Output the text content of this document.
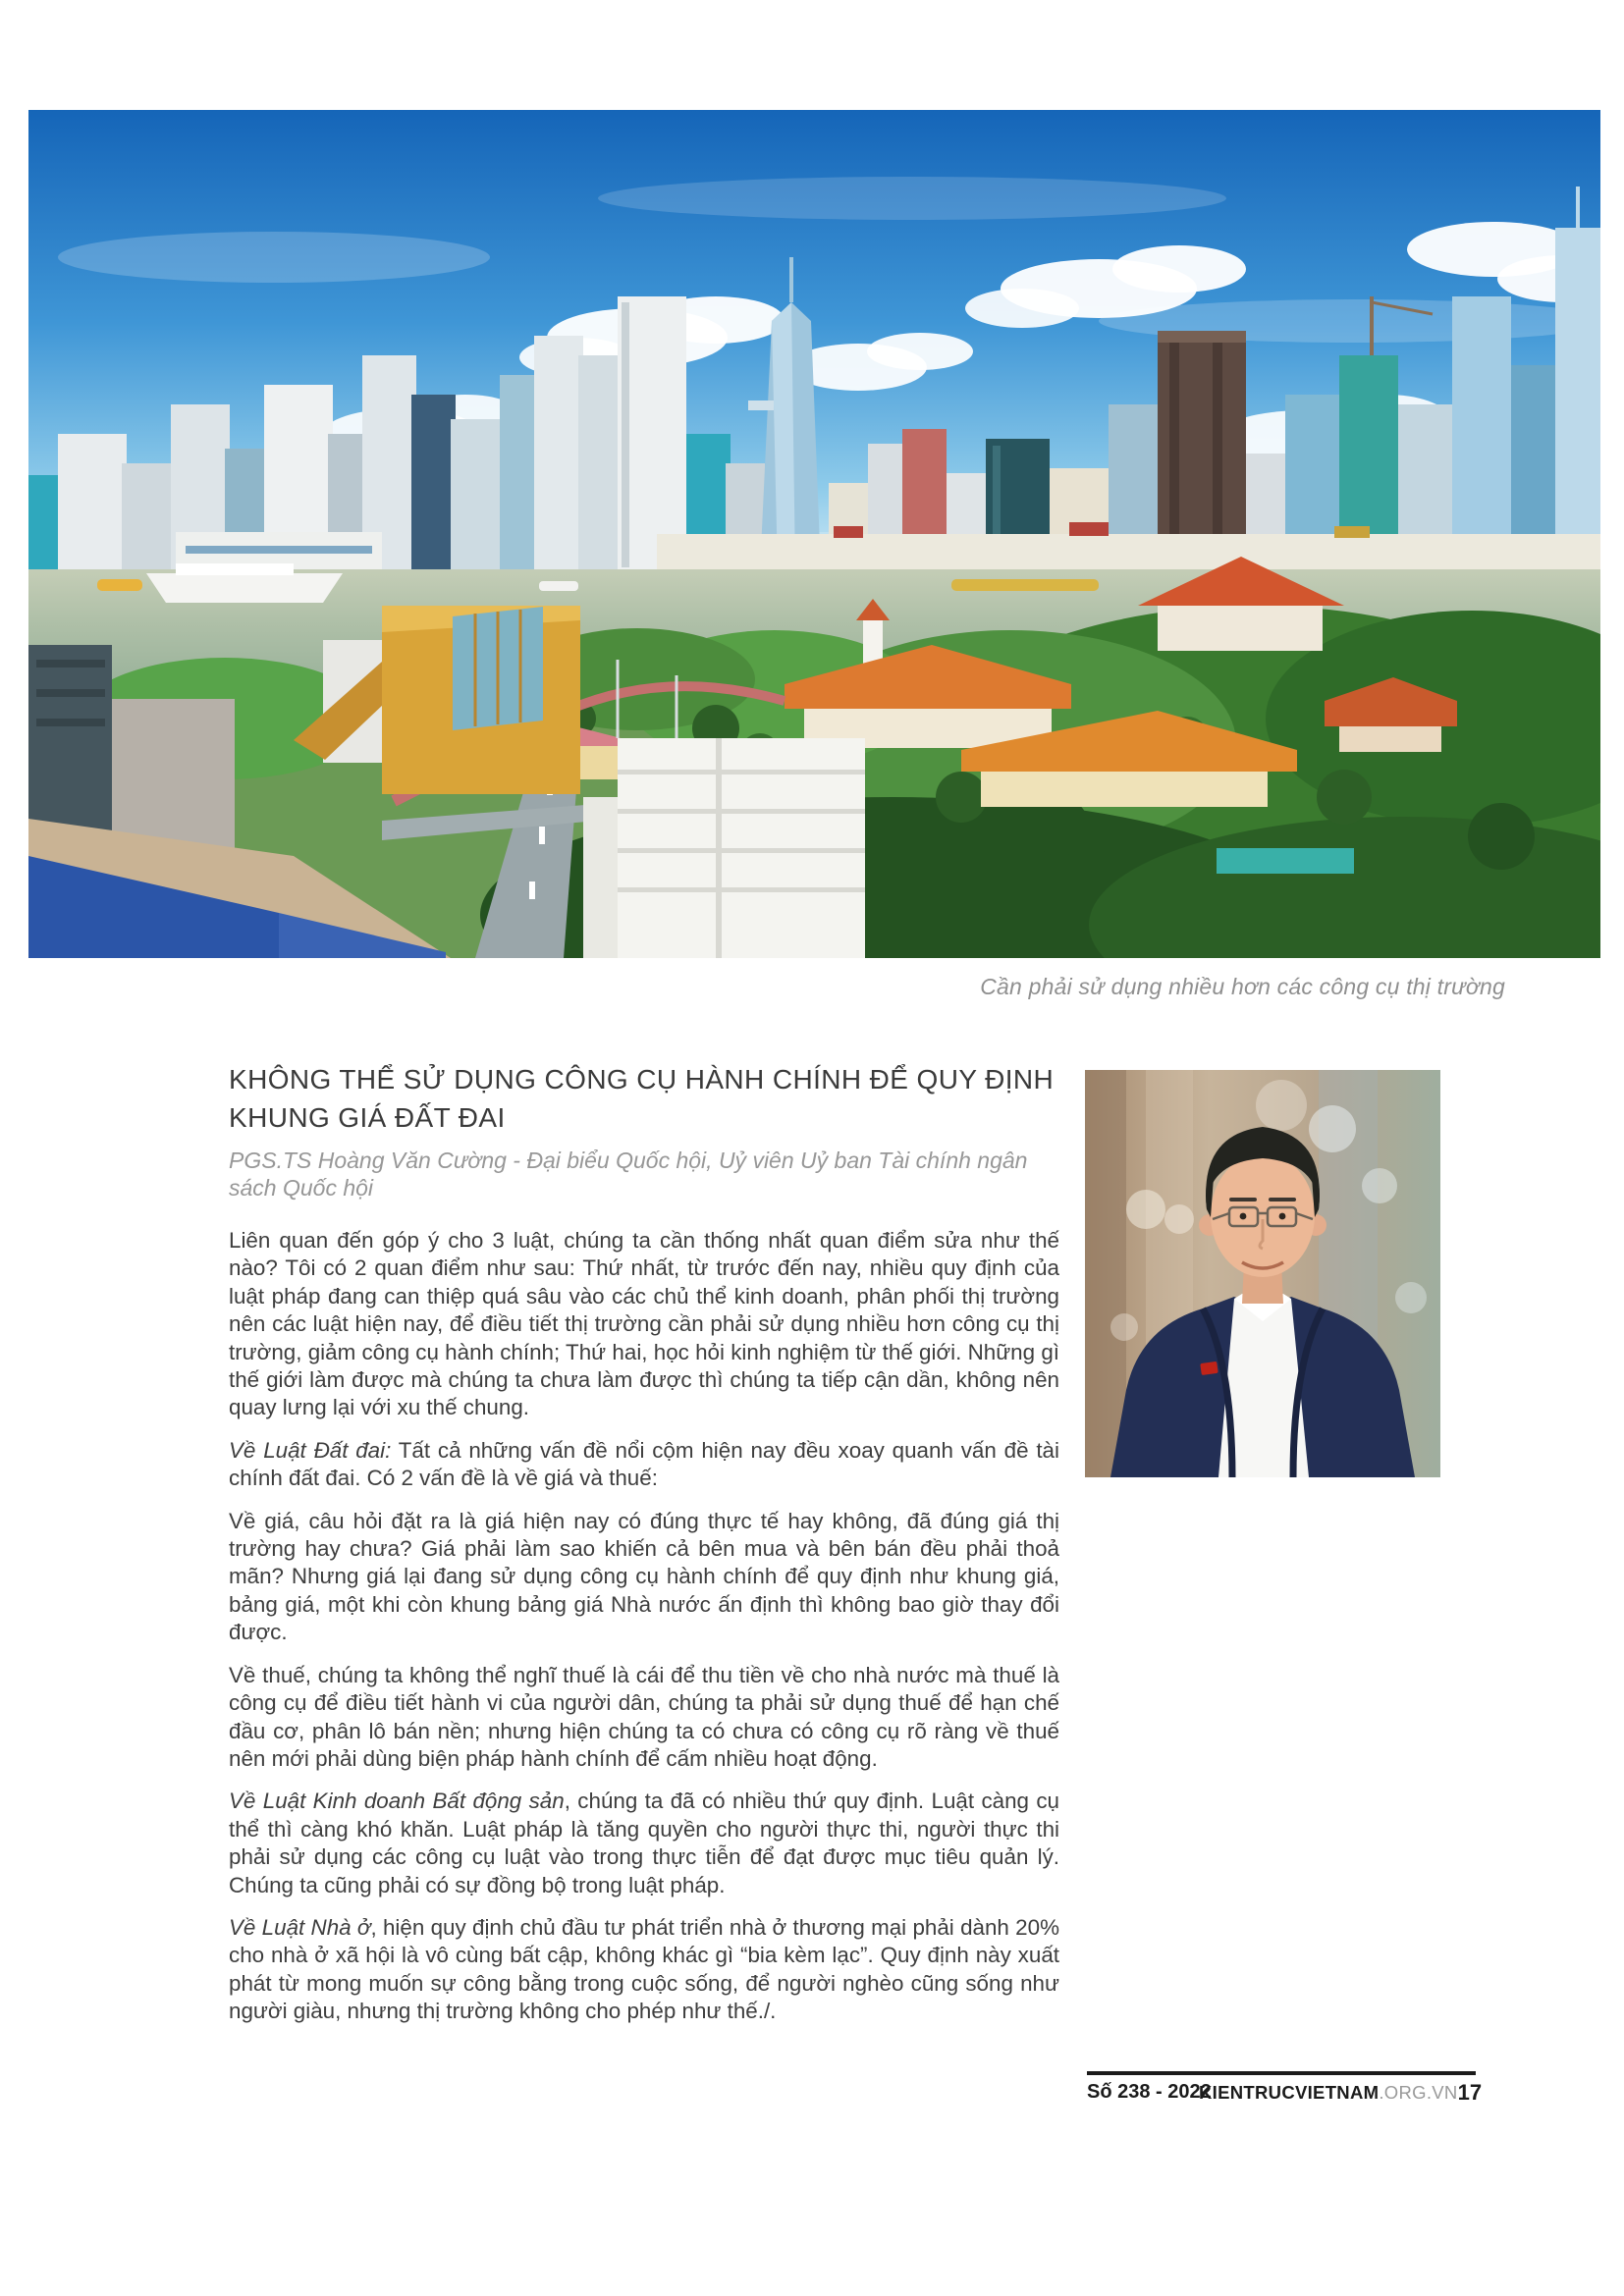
Cần phải sử dụng nhiều hơn các công cụ thị trường
KHÔNG THỂ SỬ DỤNG CÔNG CỤ HÀNH CHÍNH ĐỂ QUY ĐỊNH KHUNG GIÁ ĐẤT ĐAI
PGS.TS Hoàng Văn Cường - Đại biểu Quốc hội, Uỷ viên Uỷ ban Tài chính ngân sách Quốc hội

Liên quan đến góp ý cho 3 luật, chúng ta cần thống nhất quan điểm sửa như thế nào? Tôi có 2 quan điểm như sau: Thứ nhất, từ trước đến nay, nhiều quy định của luật pháp đang can thiệp quá sâu vào các chủ thể kinh doanh, phân phối thị trường nên các luật hiện nay, để điều tiết thị trường cần phải sử dụng nhiều hơn công cụ thị trường, giảm công cụ hành chính; Thứ hai, học hỏi kinh nghiệm từ thế giới. Những gì thế giới làm được mà chúng ta chưa làm được thì chúng ta tiếp cận dần, không nên quay lưng lại với xu thế chung.

Về Luật Đất đai: Tất cả những vấn đề nổi cộm hiện nay đều xoay quanh vấn đề tài chính đất đai. Có 2 vấn đề là về giá và thuế:

Về giá, câu hỏi đặt ra là giá hiện nay có đúng thực tế hay không, đã đúng giá thị trường hay chưa? Giá phải làm sao khiến cả bên mua và bên bán đều phải thoả mãn? Nhưng giá lại đang sử dụng công cụ hành chính để quy định như khung giá, bảng giá, một khi còn khung bảng giá Nhà nước ấn định thì không bao giờ thay đổi được.

Về thuế, chúng ta không thể nghĩ thuế là cái để thu tiền về cho nhà nước mà thuế là công cụ để điều tiết hành vi của người dân, chúng ta phải sử dụng thuế để hạn chế đầu cơ, phân lô bán nền; nhưng hiện chúng ta có chưa có công cụ rõ ràng về thuế nên mới phải dùng biện pháp hành chính để cấm nhiều hoạt động.

Về Luật Kinh doanh Bất động sản, chúng ta đã có nhiều thứ quy định. Luật càng cụ thể thì càng khó khăn. Luật pháp là tăng quyền cho người thực thi, người thực thi phải sử dụng các công cụ luật vào trong thực tiễn để đạt được mục tiêu quản lý. Chúng ta cũng phải có sự đồng bộ trong luật pháp.

Về Luật Nhà ở, hiện quy định chủ đầu tư phát triển nhà ở thương mại phải dành 20% cho nhà ở xã hội là vô cùng bất cập, không khác gì “bia kèm lạc”. Quy định này xuất phát từ mong muốn sự công bằng trong cuộc sống, để người nghèo cũng sống như người giàu, nhưng thị trường không cho phép như thế./.

Số 238 - 2022
KIENTRUCVIETNAM.ORG.VN 17
